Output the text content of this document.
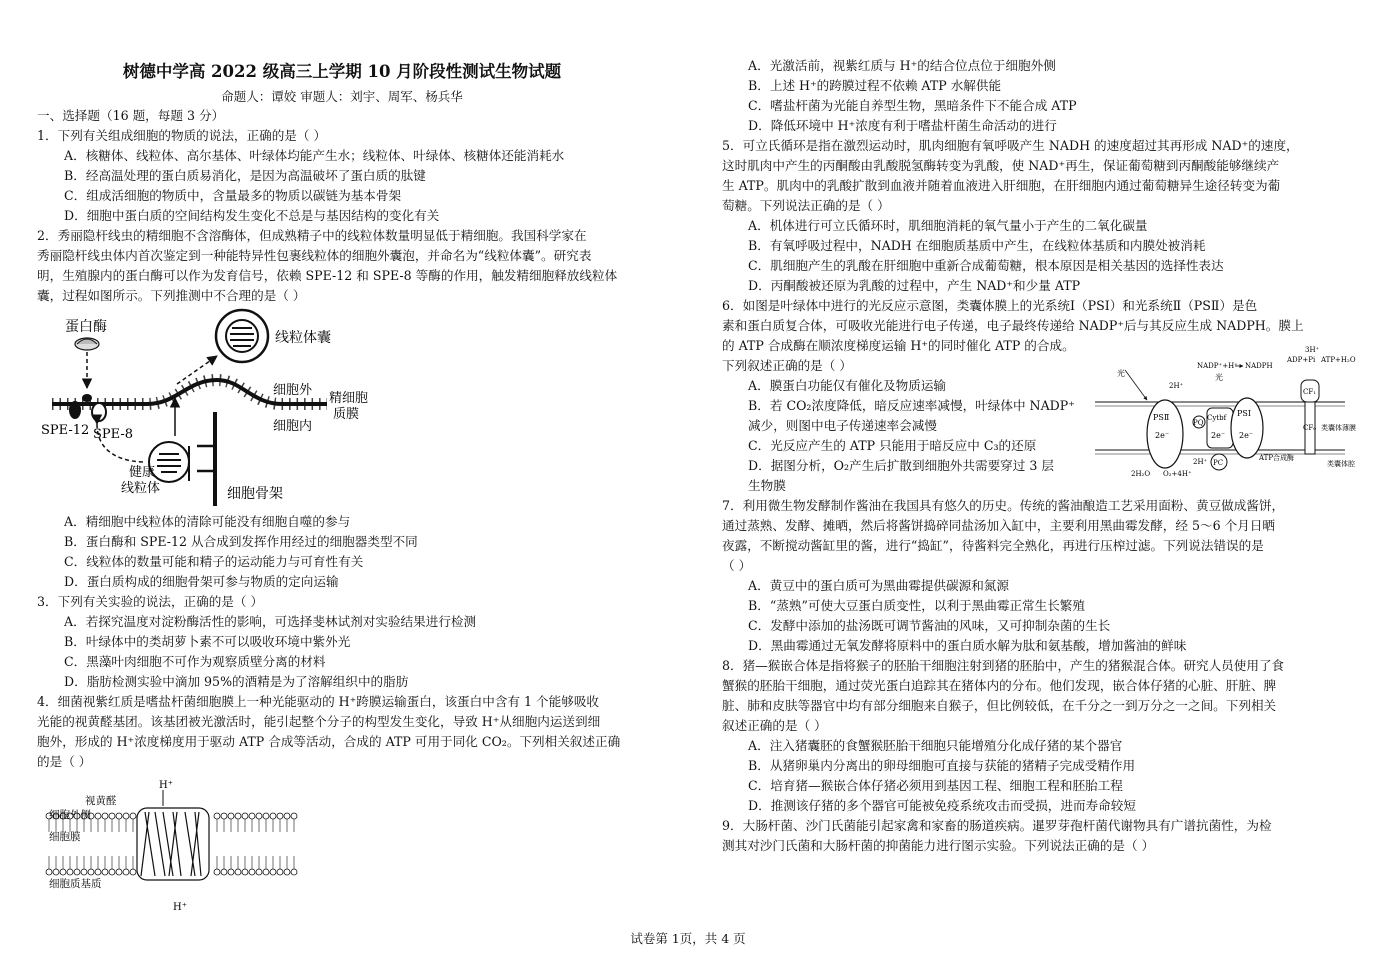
树德中学高 2022 级高三上学期 10 月阶段性测试生物试题
命题人：谭姣 审题人：刘宇、周军、杨兵华
一、选择题（16 题，每题 3 分）
1．下列有关组成细胞的物质的说法，正确的是（ ）
A．核糖体、线粒体、高尔基体、叶绿体均能产生水；线粒体、叶绿体、核糖体还能消耗水
B．经高温处理的蛋白质易消化，是因为高温破坏了蛋白质的肽键
C．组成活细胞的物质中，含量最多的物质以碳链为基本骨架
D．细胞中蛋白质的空间结构发生变化不总是与基因结构的变化有关
2．秀丽隐杆线虫的精细胞不含溶酶体，但成熟精子中的线粒体数量明显低于精细胞。我国科学家在
秀丽隐杆线虫体内首次鉴定到一种能特异性包裹线粒体的细胞外囊泡，并命名为“线粒体囊”。研究表
明，生殖腺内的蛋白酶可以作为发育信号，依赖 SPE-12 和 SPE-8 等酶的作用，触发精细胞释放线粒体
囊，过程如图所示。下列推测中不合理的是（ ）
蛋白酶
SPE-12 SPE-8
线粒体囊
细胞外
精细胞
质膜
细胞内
健康
线粒体	细胞骨架
A．精细胞中线粒体的清除可能没有细胞自噬的参与
B．蛋白酶和 SPE-12 从合成到发挥作用经过的细胞器类型不同
C．线粒体的数量可能和精子的运动能力与可育性有关
D．蛋白质构成的细胞骨架可参与物质的定向运输
3．下列有关实验的说法，正确的是（ ）
A．若探究温度对淀粉酶活性的影响，可选择斐林试剂对实验结果进行检测
B．叶绿体中的类胡萝卜素不可以吸收环境中紫外光
C．黑藻叶肉细胞不可作为观察质壁分离的材料
D．脂肪检测实验中滴加 95%的酒精是为了溶解组织中的脂肪
4．细菌视紫红质是嗜盐杆菌细胞膜上一种光能驱动的 H⁺跨膜运输蛋白，该蛋白中含有 1 个能够吸收
光能的视黄醛基团。该基团被光激活时，能引起整个分子的构型发生变化，导致 H⁺从细胞内运送到细
胞外，形成的 H⁺浓度梯度用于驱动 ATP 合成等活动，合成的 ATP 可用于同化 CO₂。下列相关叙述正确
的是（ ）
H⁺
视黄醛
细胞外侧
细胞膜
细胞质基质
H⁺
A．光激活前，视紫红质与 H⁺的结合位点位于细胞外侧
B．上述 H⁺的跨膜过程不依赖 ATP 水解供能
C．嗜盐杆菌为光能自养型生物，黑暗条件下不能合成 ATP
D．降低环境中 H⁺浓度有利于嗜盐杆菌生命活动的进行
5．可立氏循环是指在激烈运动时，肌肉细胞有氧呼吸产生 NADH 的速度超过其再形成 NAD⁺的速度，
这时肌肉中产生的丙酮酸由乳酸脱氢酶转变为乳酸，使 NAD⁺再生，保证葡萄糖到丙酮酸能够继续产
生 ATP。肌肉中的乳酸扩散到血液并随着血液进入肝细胞，在肝细胞内通过葡萄糖异生途径转变为葡
萄糖。下列说法正确的是（ ）
A．机体进行可立氏循环时，肌细胞消耗的氧气量小于产生的二氧化碳量
B．有氧呼吸过程中，NADH 在细胞质基质中产生，在线粒体基质和内膜处被消耗
C．肌细胞产生的乳酸在肝细胞中重新合成葡萄糖，根本原因是相关基因的选择性表达
D．丙酮酸被还原为乳酸的过程中，产生 NAD⁺和少量 ATP
6．如图是叶绿体中进行的光反应示意图，类囊体膜上的光系统Ⅰ（PSⅠ）和光系统Ⅱ（PSⅡ）是色
素和蛋白质复合体，可吸收光能进行电子传递，电子最终传递给 NADP⁺后与其反应生成 NADPH。膜上
的 ATP 合成酶在顺浓度梯度运输 H⁺的同时催化 ATP 的合成。
下列叙述正确的是（ ）
A．膜蛋白功能仅有催化及物质运输
B．若 CO₂浓度降低，暗反应速率减慢，叶绿体中 NADP⁺
减少，则图中电子传递速率会减慢
C．光反应产生的 ATP 只能用于暗反应中 C₃的还原
D．据图分析，O₂产生后扩散到细胞外共需要穿过 3 层
生物膜
PSⅡ
2e⁻
PQ
Cytbf
2e⁻
PSⅠ
2e⁻
PC
CF₁
CF₀
光	光
NADP⁺+H⁺ NADPH
3H⁺
ADP+Pi ATP+H₂O
2H⁺
2H₂O O₂+4H⁺
2H⁺	ATP合成酶
类囊体薄膜
类囊体腔
7．利用微生物发酵制作酱油在我国具有悠久的历史。传统的酱油酿造工艺采用面粉、黄豆做成酱饼，
通过蒸熟、发酵、摊晒，然后将酱饼捣碎同盐汤加入缸中，主要利用黑曲霉发酵，经 5～6 个月日晒
夜露，不断搅动酱缸里的酱，进行“捣缸”，待酱料完全熟化，再进行压榨过滤。下列说法错误的是
（ ）
A．黄豆中的蛋白质可为黑曲霉提供碳源和氮源
B．“蒸熟”可使大豆蛋白质变性，以利于黑曲霉正常生长繁殖
C．发酵中添加的盐汤既可调节酱油的风味，又可抑制杂菌的生长
D．黑曲霉通过无氧发酵将原料中的蛋白质水解为肽和氨基酸，增加酱油的鲜味
8．猪—猴嵌合体是指将猴子的胚胎干细胞注射到猪的胚胎中，产生的猪猴混合体。研究人员使用了食
蟹猴的胚胎干细胞，通过荧光蛋白追踪其在猪体内的分布。他们发现，嵌合体仔猪的心脏、肝脏、脾
脏、肺和皮肤等器官中均有部分细胞来自猴子，但比例较低，在千分之一到万分之一之间。下列相关
叙述正确的是（ ）
A．注入猪囊胚的食蟹猴胚胎干细胞只能增殖分化成仔猪的某个器官
B．从猪卵巢内分离出的卵母细胞可直接与获能的猪精子完成受精作用
C．培育猪—猴嵌合体仔猪必须用到基因工程、细胞工程和胚胎工程
D．推测该仔猪的多个器官可能被免疫系统攻击而受损，进而寿命较短
9．大肠杆菌、沙门氏菌能引起家禽和家畜的肠道疾病。暹罗芽孢杆菌代谢物具有广谱抗菌性，为检
测其对沙门氏菌和大肠杆菌的抑菌能力进行图示实验。下列说法正确的是（ ）
试卷第 1页，共 4 页
